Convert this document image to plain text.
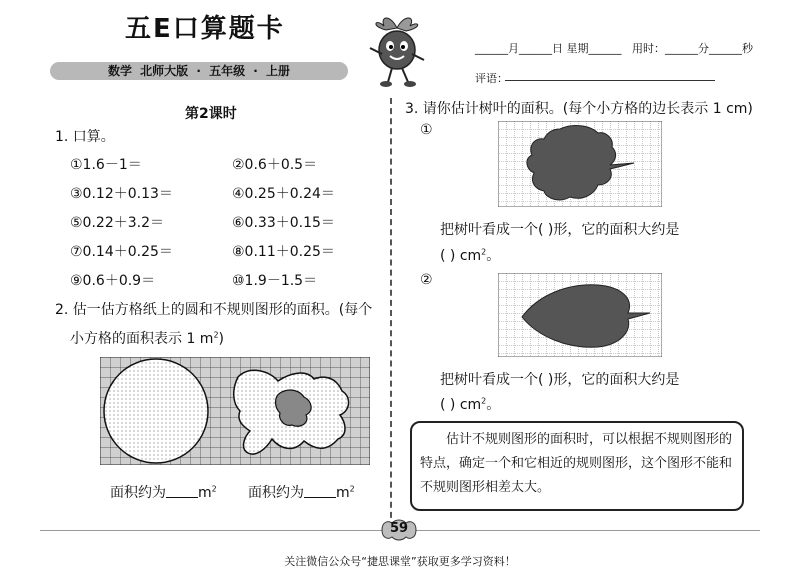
五E口算题卡
数学 北师大版 · 五年级 · 上册
______月______日 星期______   用时：______分______秒
评语：
第2课时
1. 口算。
①1.6－1＝	②0.6＋0.5＝
③0.12＋0.13＝	④0.25＋0.24＝
⑤0.22＋3.2＝	⑥0.33＋0.15＝
⑦0.14＋0.25＝	⑧0.11＋0.25＝
⑨0.6＋0.9＝	⑩1.9－1.5＝
2. 估一估方格纸上的圆和不规则图形的面积。(每个
小方格的面积表示 1 $m^2$)
面积约为 $m^2$ 面积约为 $m^2$
3. 请你估计树叶的面积。(每个小方格的边长表示 1 cm)
①
把树叶看成一个( )形，它的面积大约是
( ) $cm^2$。
②
把树叶看成一个( )形，它的面积大约是
( ) $cm^2$。
估计不规则图形的面积时，可以根据不规则图形的特点，确定一个和它相近的规则图形，这个图形不能和不规则图形相差太大。
59
关注微信公众号“捷思课堂”获取更多学习资料！
